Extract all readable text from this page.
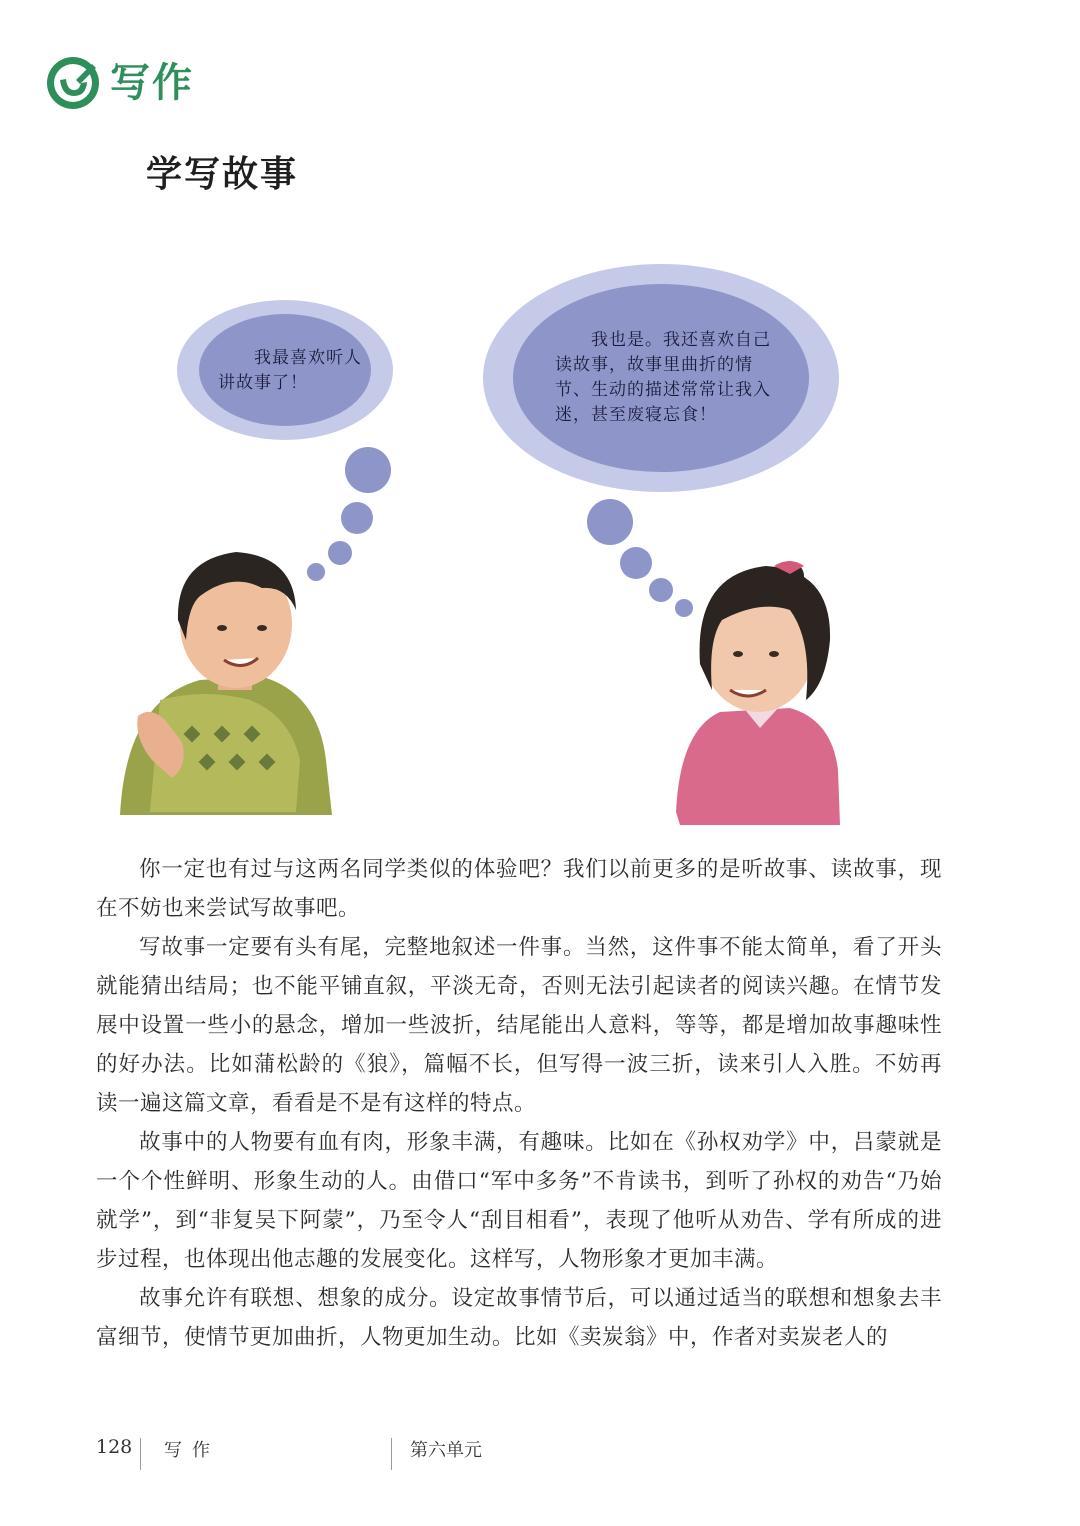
写作
学写故事
我最喜欢听人讲故事了！
我也是。我还喜欢自己读故事，故事里曲折的情节、生动的描述常常让我入迷，甚至废寝忘食！

你一定也有过与这两名同学类似的体验吧？我们以前更多的是听故事、读故事，现在不妨也来尝试写故事吧。

写故事一定要有头有尾，完整地叙述一件事。当然，这件事不能太简单，看了开头就能猜出结局；也不能平铺直叙，平淡无奇，否则无法引起读者的阅读兴趣。在情节发展中设置一些小的悬念，增加一些波折，结尾能出人意料，等等，都是增加故事趣味性的好办法。比如蒲松龄的《狼》，篇幅不长，但写得一波三折，读来引人入胜。不妨再读一遍这篇文章，看看是不是有这样的特点。

故事中的人物要有血有肉，形象丰满，有趣味。比如在《孙权劝学》中，吕蒙就是一个个性鲜明、形象生动的人。由借口“军中多务”不肯读书，到听了孙权的劝告“乃始就学”，到“非复吴下阿蒙”，乃至令人“刮目相看”，表现了他听从劝告、学有所成的进步过程，也体现出他志趣的发展变化。这样写，人物形象才更加丰满。

故事允许有联想、想象的成分。设定故事情节后，可以通过适当的联想和想象去丰富细节，使情节更加曲折，人物更加生动。比如《卖炭翁》中，作者对卖炭老人的

128 写作	第六单元
